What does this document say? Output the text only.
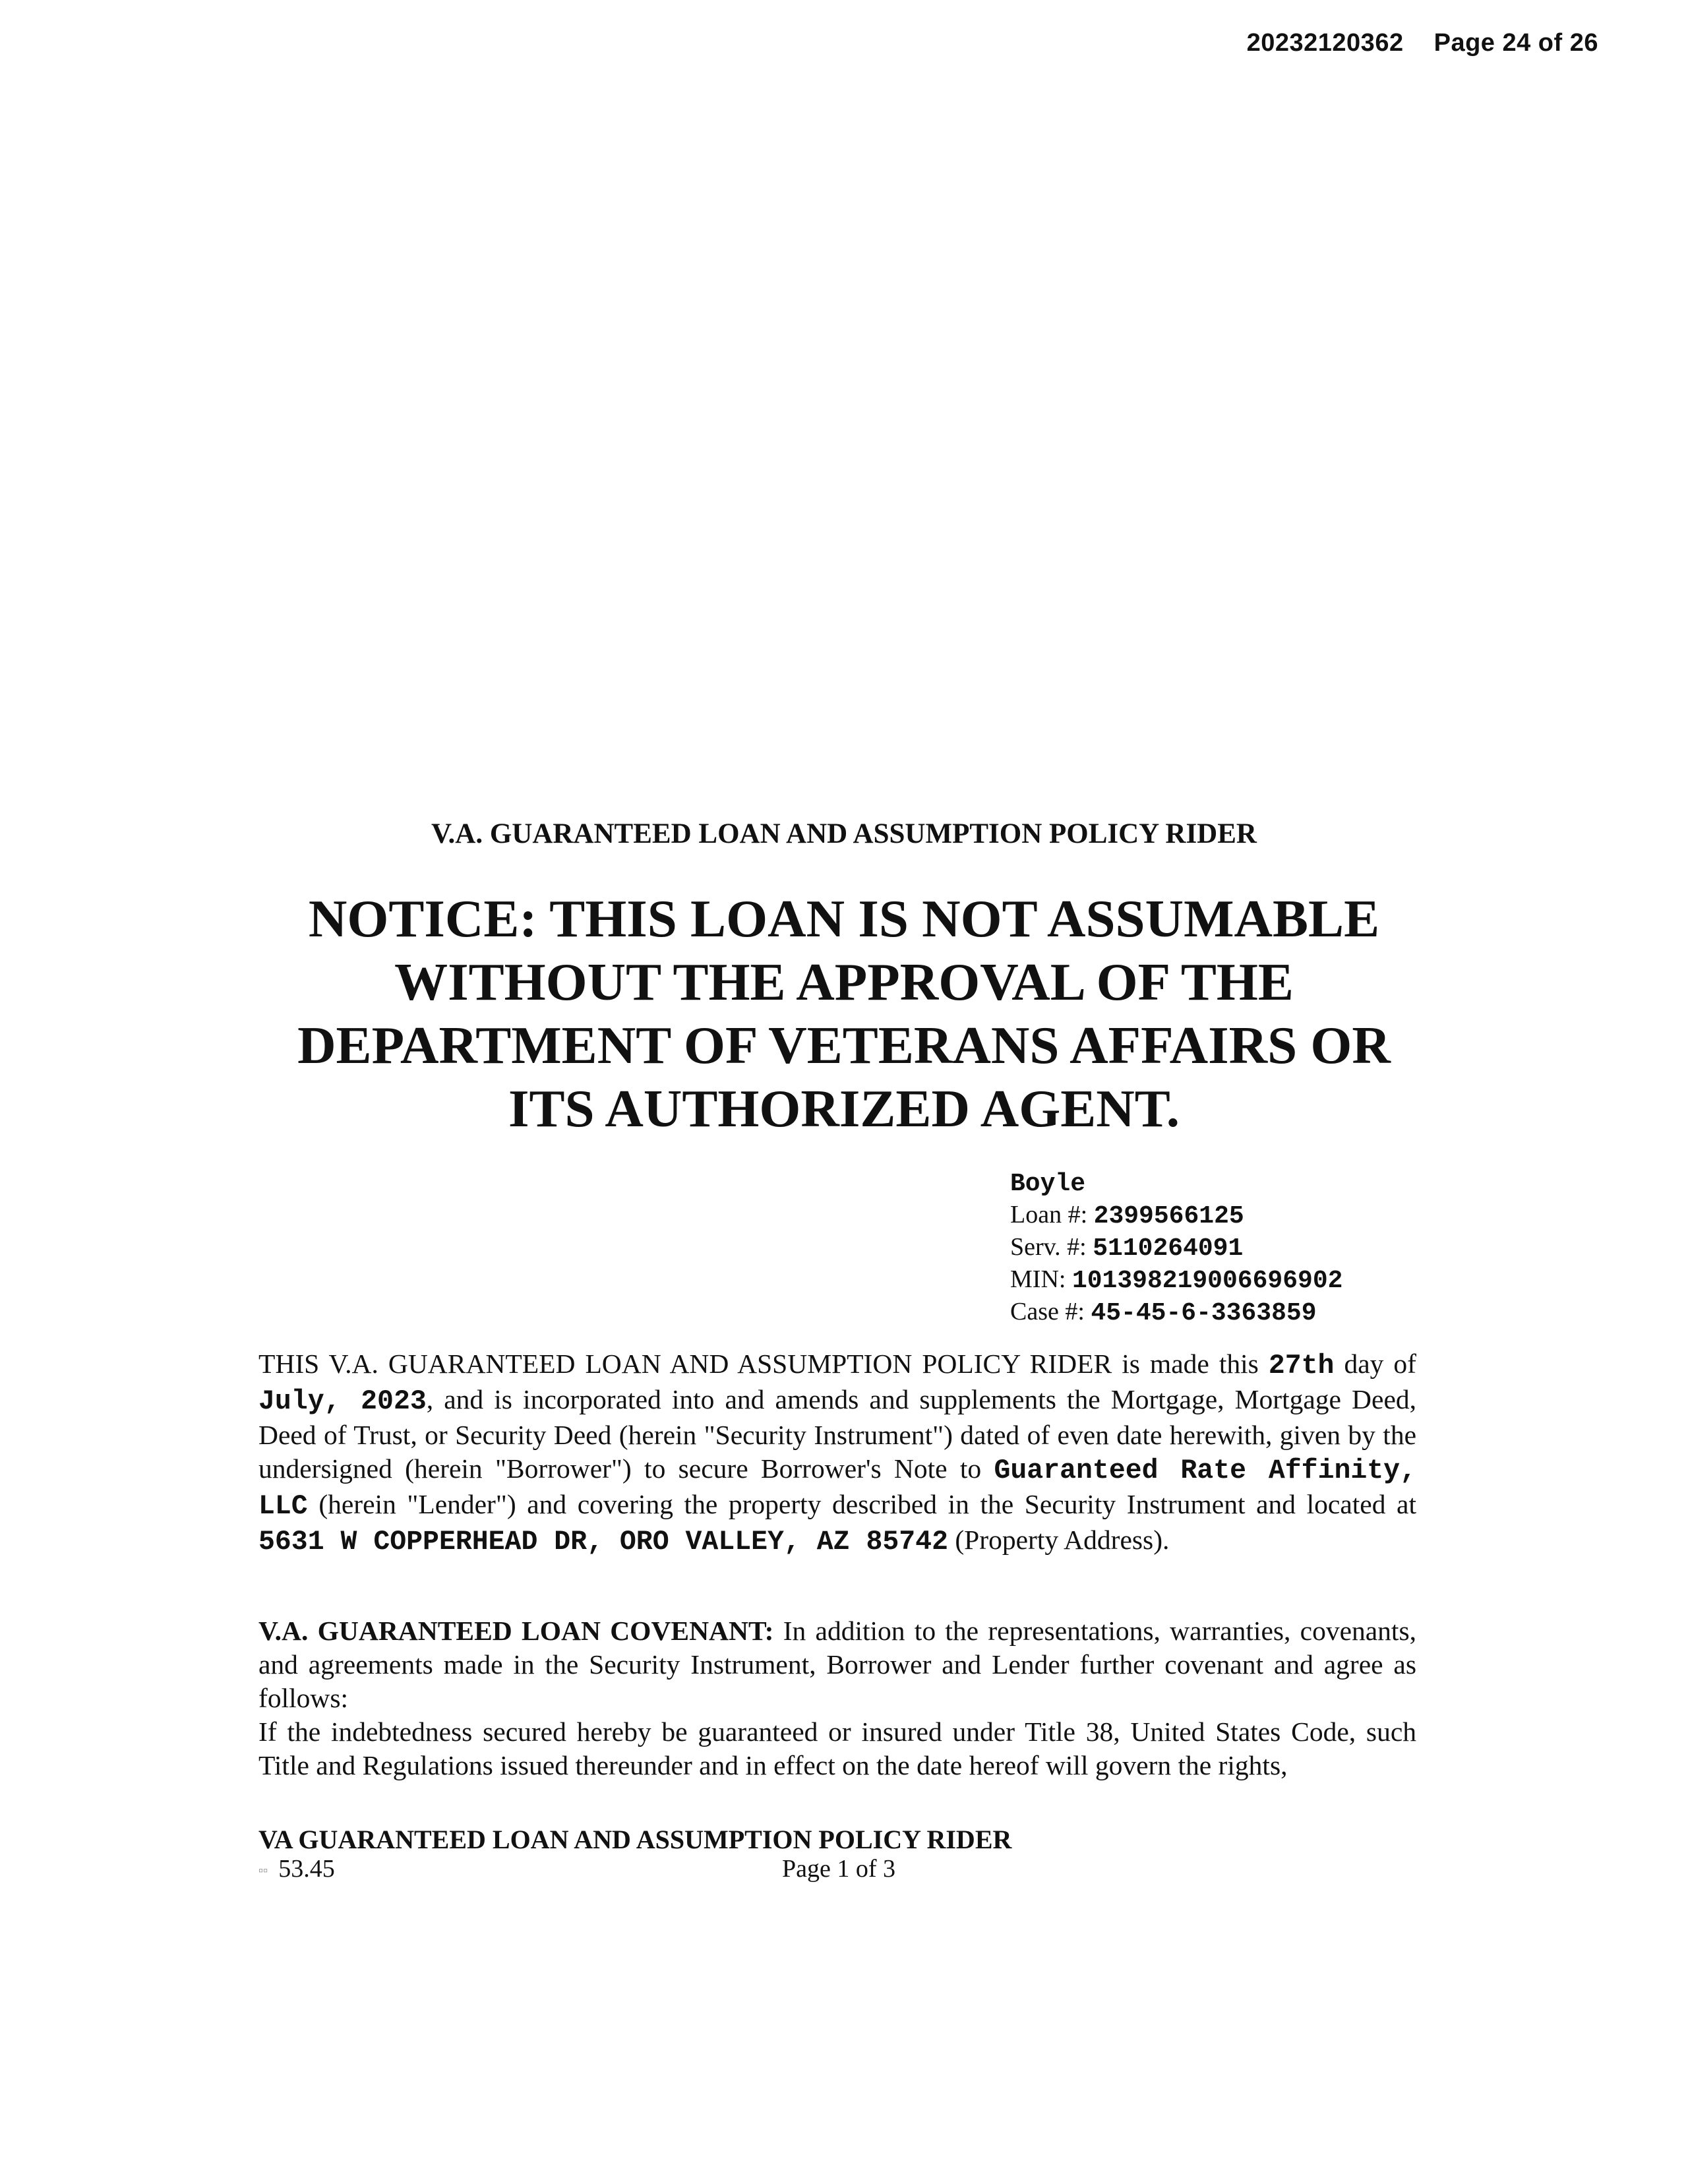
20232120362 Page 24 of 26
V.A. GUARANTEED LOAN AND ASSUMPTION POLICY RIDER
NOTICE: THIS LOAN IS NOT ASSUMABLE
WITHOUT THE APPROVAL OF THE
DEPARTMENT OF VETERANS AFFAIRS OR
ITS AUTHORIZED AGENT.
Boyle
Loan #: 2399566125
Serv. #: 5110264091
MIN: 101398219006696902
Case #: 45-45-6-3363859

THIS V.A. GUARANTEED LOAN AND ASSUMPTION POLICY RIDER is made this 27th day of July, 2023, and is incorporated into and amends and supplements the Mortgage, Mortgage Deed, Deed of Trust, or Security Deed (herein "Security Instrument") dated of even date herewith, given by the undersigned (herein "Borrower") to secure Borrower's Note to Guaranteed Rate Affinity, LLC (herein "Lender") and covering the property described in the Security Instrument and located at 5631 W COPPERHEAD DR, ORO VALLEY, AZ 85742 (Property Address).

V.A. GUARANTEED LOAN COVENANT: In addition to the representations, warranties, covenants, and agreements made in the Security Instrument, Borrower and Lender further covenant and agree as follows:

If the indebtedness secured hereby be guaranteed or insured under Title 38, United States Code, such Title and Regulations issued thereunder and in effect on the date hereof will govern the rights,

VA GUARANTEED LOAN AND ASSUMPTION POLICY RIDER
▫▫ 53.45	Page 1 of 3
